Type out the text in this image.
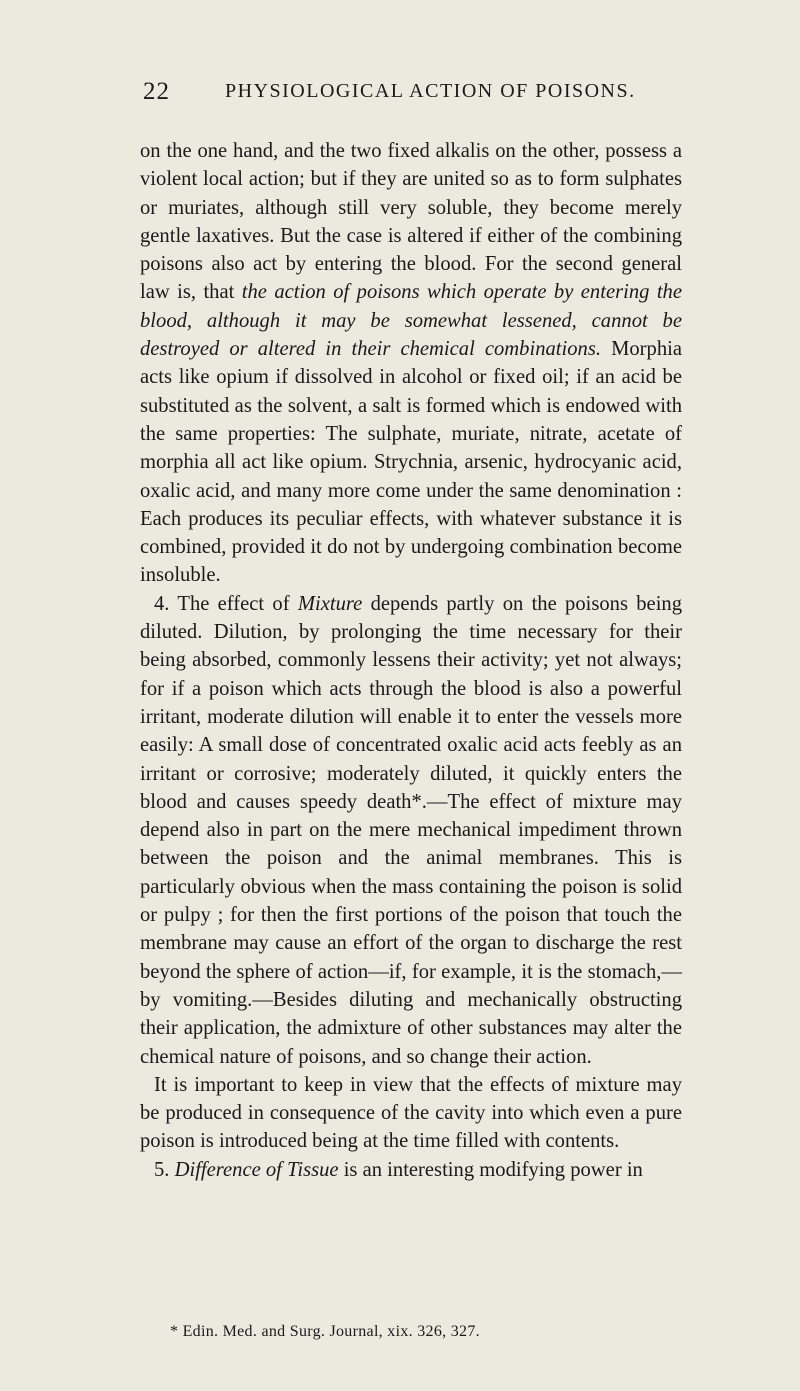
22	PHYSIOLOGICAL ACTION OF POISONS.

on the one hand, and the two fixed alkalis on the other, possess a violent local action; but if they are united so as to form sulphates or muriates, although still very soluble, they become merely gentle laxatives. But the case is altered if either of the combining poisons also act by entering the blood. For the second general law is, that the action of poisons which operate by entering the blood, although it may be somewhat lessened, cannot be destroyed or altered in their chemical combinations. Morphia acts like opium if dissolved in alcohol or fixed oil; if an acid be substituted as the solvent, a salt is formed which is endowed with the same properties: The sulphate, muriate, nitrate, acetate of morphia all act like opium. Strychnia, arsenic, hydrocyanic acid, oxalic acid, and many more come under the same denomination : Each produces its peculiar effects, with whatever substance it is combined, provided it do not by undergoing combination become insoluble.

4. The effect of Mixture depends partly on the poisons being diluted. Dilution, by prolonging the time necessary for their being absorbed, commonly lessens their activity; yet not always; for if a poison which acts through the blood is also a powerful irritant, moderate dilution will enable it to enter the vessels more easily: A small dose of concentrated oxalic acid acts feebly as an irritant or corrosive; moderately diluted, it quickly enters the blood and causes speedy death*.—The effect of mixture may depend also in part on the mere mechanical impediment thrown between the poison and the animal membranes. This is particularly obvious when the mass containing the poison is solid or pulpy ; for then the first portions of the poison that touch the membrane may cause an effort of the organ to discharge the rest beyond the sphere of action—if, for example, it is the stomach,—by vomiting.—Besides diluting and mechanically obstructing their application, the admixture of other substances may alter the chemical nature of poisons, and so change their action.

It is important to keep in view that the effects of mixture may be produced in consequence of the cavity into which even a pure poison is introduced being at the time filled with contents.

5. Difference of Tissue is an interesting modifying power in

* Edin. Med. and Surg. Journal, xix. 326, 327.
